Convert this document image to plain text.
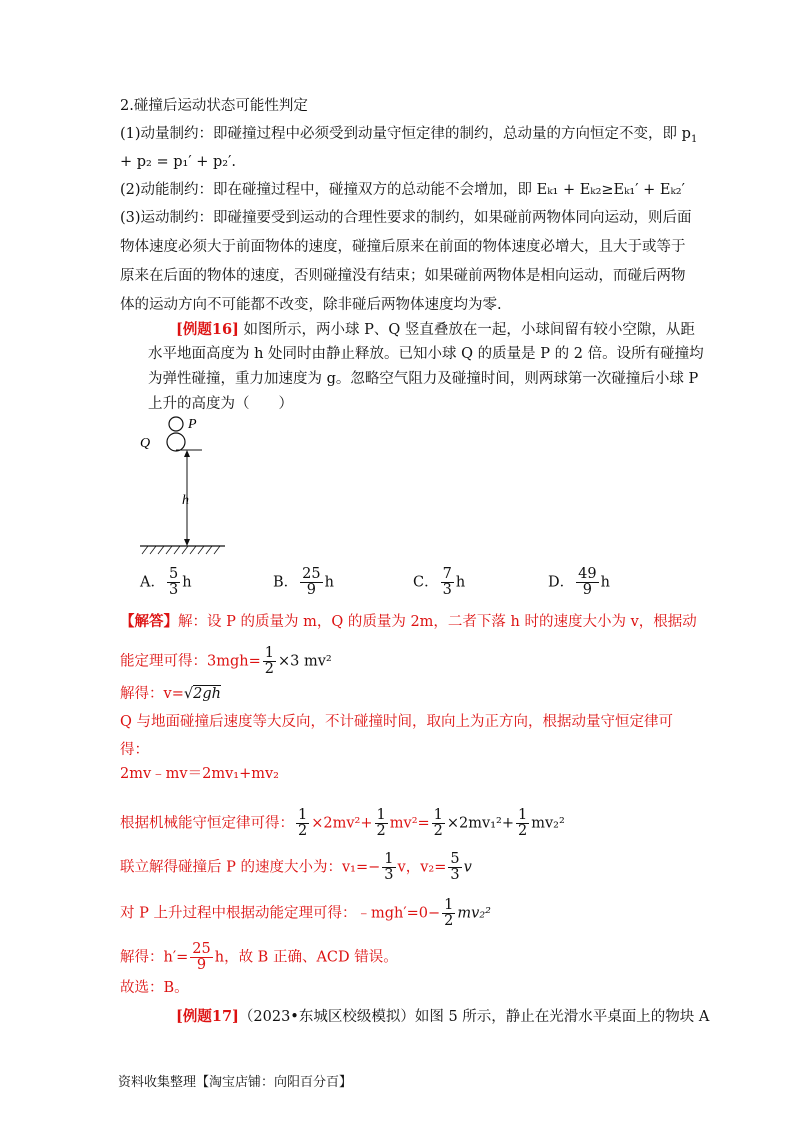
2.碰撞后运动状态可能性判定
(1)动量制约：即碰撞过程中必须受到动量守恒定律的制约，总动量的方向恒定不变，即 $p_1$
+ p₂ = p₁′ + p₂′.
(2)动能制约：即在碰撞过程中，碰撞双方的总动能不会增加，即 Eₖ₁ + Eₖ₂≥Eₖ₁′ + Eₖ₂′
(3)运动制约：即碰撞要受到运动的合理性要求的制约，如果碰前两物体同向运动，则后面
物体速度必须大于前面物体的速度，碰撞后原来在前面的物体速度必增大，且大于或等于
原来在后面的物体的速度，否则碰撞没有结束；如果碰前两物体是相向运动，而碰后两物
体的运动方向不可能都不改变，除非碰后两物体速度均为零.
[例题16] 如图所示，两小球 P、Q 竖直叠放在一起，小球间留有较小空隙，从距
水平地面高度为 h 处同时由静止释放。已知小球 Q 的质量是 P 的 2 倍。设所有碰撞均
为弹性碰撞，重力加速度为 g。忽略空气阻力及碰撞时间，则两球第一次碰撞后小球 P
上升的高度为（　　）
P
Q
h
A． $\frac{5}{3}$ h	B． $\frac{25}{9}$ h	C． $\frac{7}{3}$ h	D． $\frac{49}{9}$ h
【解答】解：设 P 的质量为 m，Q 的质量为 2m，二者下落 h 时的速度大小为 v，根据动
能定理可得：$3mgh= \frac{1}{2} \times 3$ mv²
解得：v=√2gh
Q 与地面碰撞后速度等大反向，不计碰撞时间，取向上为正方向，根据动量守恒定律可
得：
2mv﹣mv＝2mv₁+mv₂
根据机械能守恒定律可得： $\frac{1}{2} \times 2mv^2+ \frac{1}{2} mv^2= \frac{1}{2} \times 2mv_1^2+ \frac{1}{2} mv_2^2$
联立解得碰撞后 P 的速度大小为：$v_1=- \frac{1}{3}$ v，$v_2= \frac{5}{3}$ v
对 P 上升过程中根据动能定理可得：﹣mgh′=0− $\frac{1}{2} mv_2^2$
解得：$h'= \frac{25}{9}$ h，故 B 正确、ACD 错误。
故选：B。
[例题17]（2023•东城区校级模拟）如图 5 所示，静止在光滑水平桌面上的物块 A
资料收集整理【淘宝店铺：向阳百分百】
